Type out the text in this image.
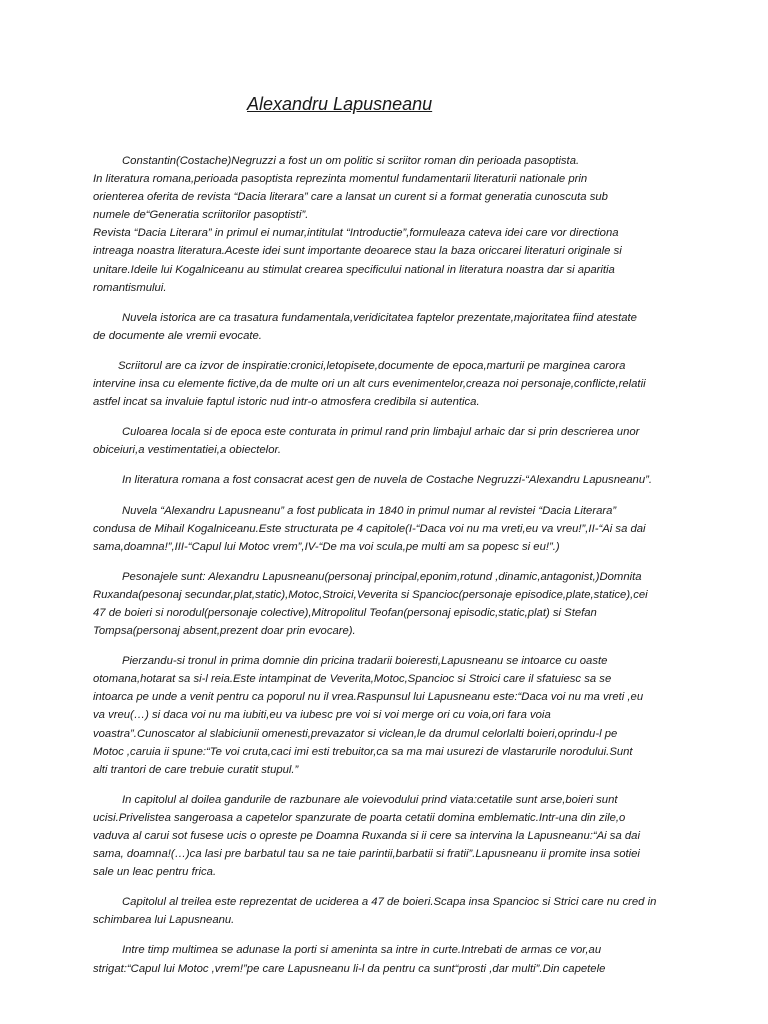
Alexandru Lapusneanu
Constantin(Costache)Negruzzi a fost un om politic si scriitor roman din perioada pasoptista.
In literatura romana,perioada pasoptista reprezinta momentul fundamentarii literaturii nationale prin
orienterea oferita de revista “Dacia literara” care a lansat un curent si a format generatia cunoscuta sub
numele de“Generatia scriitorilor pasoptisti”.
Revista “Dacia Literara” in primul ei numar,intitulat “Introductie”,formuleaza cateva idei care vor directiona
intreaga noastra literatura.Aceste idei sunt importante deoarece stau la baza oriccarei literaturi originale si
unitare.Ideile lui Kogalniceanu au stimulat crearea specificului national in literatura noastra dar si aparitia
romantismului.
Nuvela istorica are ca trasatura fundamentala,veridicitatea faptelor prezentate,majoritatea fiind atestate
de documente ale vremii evocate.
Scriitorul are ca izvor de inspiratie:cronici,letopisete,documente de epoca,marturii pe marginea carora
intervine insa cu elemente fictive,da de multe ori un alt curs evenimentelor,creaza noi personaje,conflicte,relatii
astfel incat sa invaluie faptul istoric nud intr-o atmosfera credibila si autentica.
Culoarea locala si de epoca este conturata in primul rand prin limbajul arhaic dar si prin descrierea unor
obiceiuri,a vestimentatiei,a obiectelor.
In literatura romana a fost consacrat acest gen de nuvela de Costache Negruzzi-“Alexandru Lapusneanu”.
Nuvela “Alexandru Lapusneanu” a fost publicata in 1840 in primul numar al revistei “Dacia Literara”
condusa de Mihail Kogalniceanu.Este structurata pe 4 capitole(I-“Daca voi nu ma vreti,eu va vreu!”,II-“Ai sa dai
sama,doamna!”,III-“Capul lui Motoc vrem”,IV-“De ma voi scula,pe multi am sa popesc si eu!”.)
Pesonajele sunt: Alexandru Lapusneanu(personaj principal,eponim,rotund ,dinamic,antagonist,)Domnita
Ruxanda(pesonaj secundar,plat,static),Motoc,Stroici,Veverita si Spancioc(personaje episodice,plate,statice),cei
47 de boieri si norodul(personaje colective),Mitropolitul Teofan(personaj episodic,static,plat) si Stefan
Tompsa(personaj absent,prezent doar prin evocare).
Pierzandu-si tronul in prima domnie din pricina tradarii boieresti,Lapusneanu se intoarce cu oaste
otomana,hotarat sa si-l reia.Este intampinat de Veverita,Motoc,Spancioc si Stroici care il sfatuiesc sa se
intoarca pe unde a venit pentru ca poporul nu il vrea.Raspunsul lui Lapusneanu este:“Daca voi nu ma vreti ,eu
va vreu(…) si daca voi nu ma iubiti,eu va iubesc pre voi si voi merge ori cu voia,ori fara voia
voastra”.Cunoscator al slabiciunii omenesti,prevazator si viclean,le da drumul celorlalti boieri,oprindu-l pe
Motoc ,caruia ii spune:“Te voi cruta,caci imi esti trebuitor,ca sa ma mai usurezi de vlastarurile norodului.Sunt
alti trantori de care trebuie curatit stupul.”
In capitolul al doilea gandurile de razbunare ale voievodului prind viata:cetatile sunt arse,boieri sunt
ucisi.Privelistea sangeroasa a capetelor spanzurate de poarta cetatii domina emblematic.Intr-una din zile,o
vaduva al carui sot fusese ucis o opreste pe Doamna Ruxanda si ii cere sa intervina la Lapusneanu:“Ai sa dai
sama, doamna!(…)ca lasi pre barbatul tau sa ne taie parintii,barbatii si fratii”.Lapusneanu ii promite insa sotiei
sale un leac pentru frica.
Capitolul al treilea este reprezentat de uciderea a 47 de boieri.Scapa insa Spancioc si Strici care nu cred in
schimbarea lui Lapusneanu.
Intre timp multimea se adunase la porti si amenintа sa intre in curte.Intrebati de armas ce vor,au
strigat:“Capul lui Motoc ,vrem!”pe care Lapusneanu li-l da pentru ca sunt“prosti ,dar multi”.Din capetele
